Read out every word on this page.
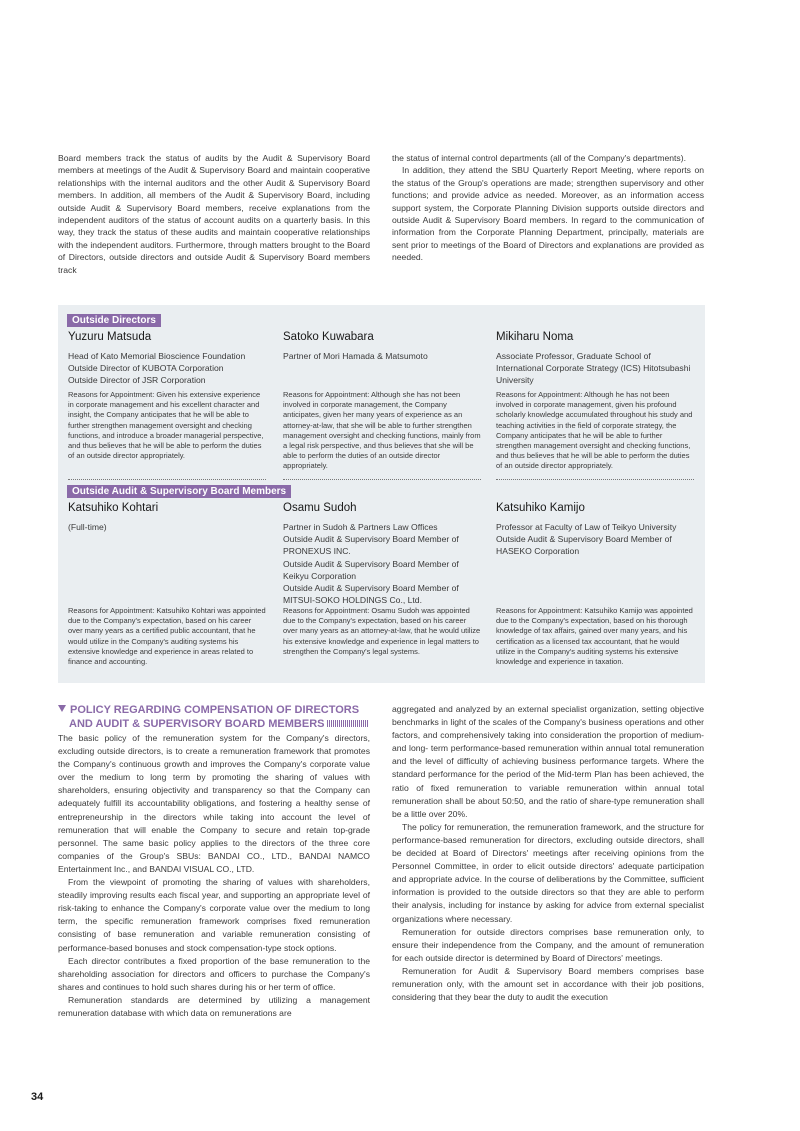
Board members track the status of audits by the Audit & Supervisory Board members at meetings of the Audit & Supervisory Board and maintain cooperative relationships with the internal auditors and the other Audit & Supervisory Board members. In addition, all members of the Audit & Supervisory Board, including outside Audit & Supervisory Board members, receive explanations from the independent auditors of the status of account audits on a quarterly basis. In this way, they track the status of these audits and maintain cooperative relationships with the independent auditors. Furthermore, through matters brought to the Board of Directors, outside directors and outside Audit & Supervisory Board members track

the status of internal control departments (all of the Company's departments).

In addition, they attend the SBU Quarterly Report Meeting, where reports on the status of the Group's operations are made; strengthen supervisory and other functions; and provide advice as needed. Moreover, as an information access support system, the Corporate Planning Division supports outside directors and outside Audit & Supervisory Board members. In regard to the communication of information from the Corporate Planning Department, principally, materials are sent prior to meetings of the Board of Directors and explanations are provided as needed.

Outside Directors
Yuzuru Matsuda
Head of Kato Memorial Bioscience Foundation
Outside Director of KUBOTA Corporation
Outside Director of JSR Corporation
Satoko Kuwabara
Partner of Mori Hamada & Matsumoto
Mikiharu Noma
Associate Professor, Graduate School of International Corporate Strategy (ICS) Hitotsubashi University
Reasons for Appointment: Given his extensive experience in corporate management and his excellent character and insight, the Company anticipates that he will be able to further strengthen management oversight and checking functions, and introduce a broader managerial perspective, and thus believes that he will be able to perform the duties of an outside director appropriately.
Reasons for Appointment: Although she has not been involved in corporate management, the Company anticipates, given her many years of experience as an attorney-at-law, that she will be able to further strengthen management oversight and checking functions, mainly from a legal risk perspective, and thus believes that she will be able to perform the duties of an outside director appropriately.
Reasons for Appointment: Although he has not been involved in corporate management, given his profound scholarly knowledge accumulated throughout his study and teaching activities in the field of corporate strategy, the Company anticipates that he will be able to further strengthen management oversight and checking functions, and thus believes that he will be able to perform the duties of an outside director appropriately.
Outside Audit & Supervisory Board Members
Katsuhiko Kohtari
(Full-time)
Osamu Sudoh
Partner in Sudoh & Partners Law Offices
Outside Audit & Supervisory Board Member of PRONEXUS INC.
Outside Audit & Supervisory Board Member of Keikyu Corporation
Outside Audit & Supervisory Board Member of MITSUI-SOKO HOLDINGS Co., Ltd.
Katsuhiko Kamijo
Professor at Faculty of Law of Teikyo University
Outside Audit & Supervisory Board Member of HASEKO Corporation
Reasons for Appointment: Katsuhiko Kohtari was appointed due to the Company's expectation, based on his career over many years as a certified public accountant, that he would utilize in the Company's auditing systems his extensive knowledge and experience in areas related to finance and accounting.
Reasons for Appointment: Osamu Sudoh was appointed due to the Company's expectation, based on his career over many years as an attorney-at-law, that he would utilize his extensive knowledge and experience in legal matters to strengthen the Company's legal systems.
Reasons for Appointment: Katsuhiko Kamijo was appointed due to the Company's expectation, based on his thorough knowledge of tax affairs, gained over many years, and his certification as a licensed tax accountant, that he would utilize in the Company's auditing systems his extensive knowledge and experience in taxation.
POLICY REGARDING COMPENSATION OF DIRECTORS
AND AUDIT & SUPERVISORY BOARD MEMBERS

The basic policy of the remuneration system for the Company's directors, excluding outside directors, is to create a remuneration framework that promotes the Company's continuous growth and improves the Company's corporate value over the medium to long term by promoting the sharing of values with shareholders, ensuring objectivity and transparency so that the Company can adequately fulfill its accountability obligations, and fostering a healthy sense of entrepreneurship in the directors while taking into account the level of remuneration that will enable the Company to secure and retain top-grade personnel. The same basic policy applies to the directors of the three core companies of the Group's SBUs: BANDAI CO., LTD., BANDAI NAMCO Entertainment Inc., and BANDAI VISUAL CO., LTD.

From the viewpoint of promoting the sharing of values with shareholders, steadily improving results each fiscal year, and supporting an appropriate level of risk-taking to enhance the Company's corporate value over the medium to long term, the specific remuneration framework comprises fixed remuneration consisting of base remuneration and variable remuneration consisting of performance-based bonuses and stock compensation-type stock options.

Each director contributes a fixed proportion of the base remuneration to the shareholding association for directors and officers to purchase the Company's shares and continues to hold such shares during his or her term of office.

Remuneration standards are determined by utilizing a management remuneration database with which data on remunerations are

aggregated and analyzed by an external specialist organization, setting objective benchmarks in light of the scales of the Company's business operations and other factors, and comprehensively taking into consideration the proportion of medium- and long- term performance-based remuneration within annual total remuneration and the level of difficulty of achieving business performance targets. Where the standard performance for the period of the Mid-term Plan has been achieved, the ratio of fixed remuneration to variable remuneration within annual total remuneration shall be about 50:50, and the ratio of share-type remuneration shall be a little over 20%.

The policy for remuneration, the remuneration framework, and the structure for performance-based remuneration for directors, excluding outside directors, shall be decided at Board of Directors' meetings after receiving opinions from the Personnel Committee, in order to elicit outside directors' adequate participation and appropriate advice. In the course of deliberations by the Committee, sufficient information is provided to the outside directors so that they are able to perform their analysis, including for instance by asking for advice from external specialist organizations where necessary.

Remuneration for outside directors comprises base remuneration only, to ensure their independence from the Company, and the amount of remuneration for each outside director is determined by Board of Directors' meetings.

Remuneration for Audit & Supervisory Board members comprises base remuneration only, with the amount set in accordance with their job positions, considering that they bear the duty to audit the execution

34
